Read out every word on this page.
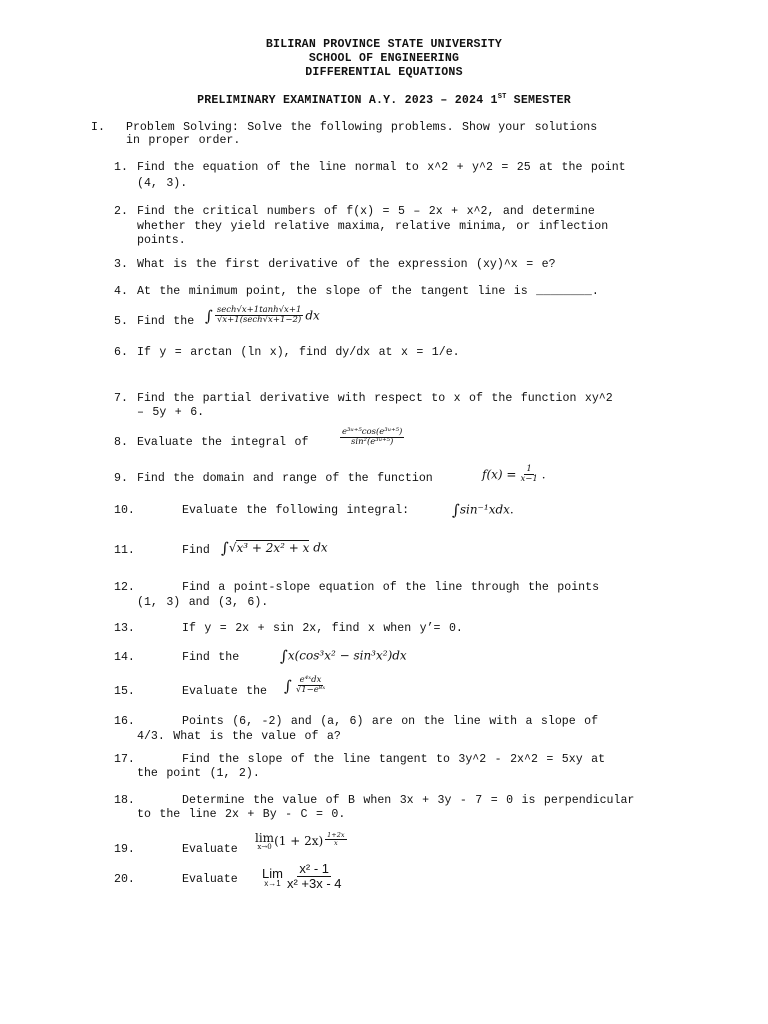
BILIRAN PROVINCE STATE UNIVERSITY
SCHOOL OF ENGINEERING
DIFFERENTIAL EQUATIONS
PRELIMINARY EXAMINATION A.Y. 2023 – 2024 1ST SEMESTER
I. Problem Solving: Solve the following problems. Show your solutions
in proper order.
1. Find the equation of the line normal to x^2 + y^2 = 25 at the point
(4, 3).
2. Find the critical numbers of f(x) = 5 – 2x + x^2, and determine
whether they yield relative maxima, relative minima, or inflection
points.
3. What is the first derivative of the expression (xy)^x = e?
4. At the minimum point, the slope of the tangent line is ________.
5. Find the ∫ $\frac{\sec h√x+1\tanh√x+1}{√x+1(\sec h√x+1-2)}$ dx
6. If y = arctan (ln x), find dy/dx at x = 1/e.
7. Find the partial derivative with respect to x of the function xy^2
– 5y + 6.
8. Evaluate the integral of	$\frac{\text{e³ᵘ⁺⁵cos(e³ᵘ⁺⁵)}}{\text{sin²(e³ᵘ⁺⁵)}}$
9. Find the domain and range of the function	$f(x) = \frac{1}{x-1}$ .
10.	Evaluate the following integral:	∫sin⁻¹xdx.
11.	Find ∫√x³ + 2x² + x dx
12.	Find a point-slope equation of the line through the points
(1, 3) and (3, 6).
13.	If y = 2x + sin 2x, find x when y’= 0.
14.	Find the	∫x(cos³x² − sin³x²)dx
15.	Evaluate the ∫ $\frac{\text{e⁴ˣdx}}{\text{√1−e⁸ˣ}}$
16.	Points (6, -2) and (a, 6) are on the line with a slope of
4/3. What is the value of a?
17.	Find the slope of the line tangent to 3y^2 - 2x^2 = 5xy at
the point (1, 2).
18.	Determine the value of B when 3x + 3y - 7 = 0 is perpendicular
to the line 2x + By - C = 0.
19.	Evaluate
lim
x→0 $(1 + 2x) \frac{1+2x}{x}$
20.	Evaluate Lim
$x\to 1 \frac{\text{x² - 1}}{\text{x² +3x - 4}}$
